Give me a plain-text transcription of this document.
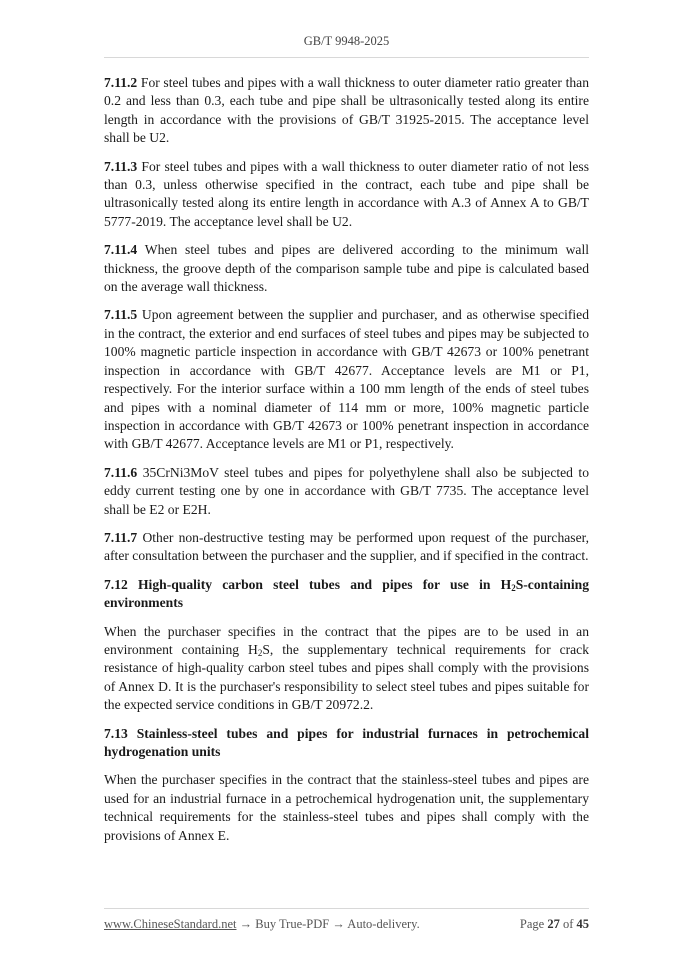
GB/T 9948-2025

7.11.2 For steel tubes and pipes with a wall thickness to outer diameter ratio greater than 0.2 and less than 0.3, each tube and pipe shall be ultrasonically tested along its entire length in accordance with the provisions of GB/T 31925-2015. The acceptance level shall be U2.

7.11.3 For steel tubes and pipes with a wall thickness to outer diameter ratio of not less than 0.3, unless otherwise specified in the contract, each tube and pipe shall be ultrasonically tested along its entire length in accordance with A.3 of Annex A to GB/T 5777-2019. The acceptance level shall be U2.

7.11.4 When steel tubes and pipes are delivered according to the minimum wall thickness, the groove depth of the comparison sample tube and pipe is calculated based on the average wall thickness.

7.11.5 Upon agreement between the supplier and purchaser, and as otherwise specified in the contract, the exterior and end surfaces of steel tubes and pipes may be subjected to 100% magnetic particle inspection in accordance with GB/T 42673 or 100% penetrant inspection in accordance with GB/T 42677. Acceptance levels are M1 or P1, respectively. For the interior surface within a 100 mm length of the ends of steel tubes and pipes with a nominal diameter of 114 mm or more, 100% magnetic particle inspection in accordance with GB/T 42673 or 100% penetrant inspection in accordance with GB/T 42677. Acceptance levels are M1 or P1, respectively.

7.11.6 35CrNi3MoV steel tubes and pipes for polyethylene shall also be subjected to eddy current testing one by one in accordance with GB/T 7735. The acceptance level shall be E2 or E2H.

7.11.7 Other non-destructive testing may be performed upon request of the purchaser, after consultation between the purchaser and the supplier, and if specified in the contract.

7.12 High-quality carbon steel tubes and pipes for use in $H_2S$-containing environments

When the purchaser specifies in the contract that the pipes are to be used in an environment containing $H_2S$, the supplementary technical requirements for crack resistance of high-quality carbon steel tubes and pipes shall comply with the provisions of Annex D. It is the purchaser's responsibility to select steel tubes and pipes suitable for the expected service conditions in GB/T 20972.2.

7.13 Stainless-steel tubes and pipes for industrial furnaces in petrochemical hydrogenation units

When the purchaser specifies in the contract that the stainless-steel tubes and pipes are used for an industrial furnace in a petrochemical hydrogenation unit, the supplementary technical requirements for the stainless-steel tubes and pipes shall comply with the provisions of Annex E.

www.ChineseStandard.net → Buy True-PDF → Auto-delivery.	Page 27 of 45
